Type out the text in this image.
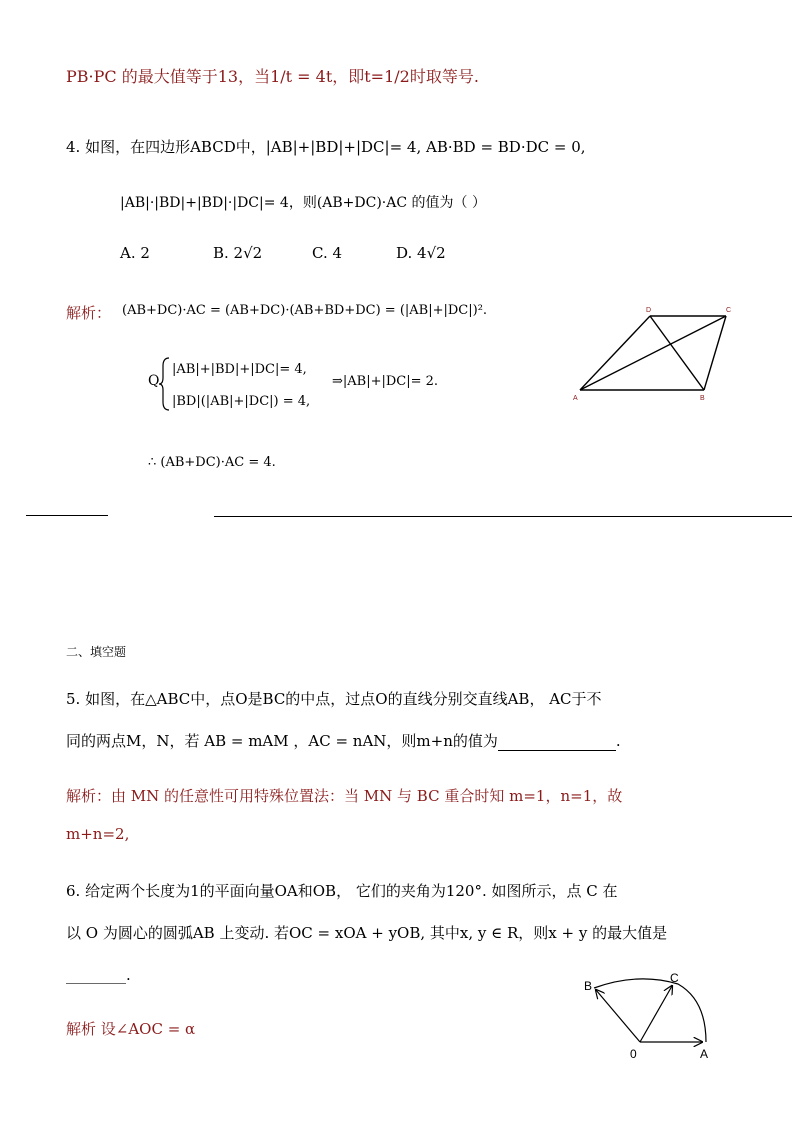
PB·PC 的最大值等于13，当1/t = 4t，即t=1/2时取等号.
4. 如图，在四边形ABCD中，|AB|+|BD|+|DC|= 4, AB·BD = BD·DC = 0,
|AB|·|BD|+|BD|·|DC|= 4，则(AB+DC)·AC 的值为（ ）
A. 2	B. 2√2	C. 4	D. 4√2
解析： (AB+DC)·AC = (AB+DC)·(AB+BD+DC) = (|AB|+|DC|)².
Q
|AB|+|BD|+|DC|= 4,
|BD|(|AB|+|DC|) = 4,
⇒|AB|+|DC|= 2.
∴ (AB+DC)·AC = 4.
A	B
C
D
二、填空题
5. 如图，在△ABC中，点O是BC的中点，过点O的直线分别交直线AB， AC于不
同的两点M，N，若 AB = mAM ，AC = nAN，则m+n的值为	.
解析：由 MN 的任意性可用特殊位置法：当 MN 与 BC 重合时知 m=1，n=1，故
m+n=2,
6. 给定两个长度为1的平面向量OA和OB， 它们的夹角为120°. 如图所示，点 C 在
以 O 为圆心的圆弧AB 上变动. 若OC = xOA + yOB, 其中x, y ∈ R，则x + y 的最大值是
________.
解析 设∠AOC = α
0	A
B
C
